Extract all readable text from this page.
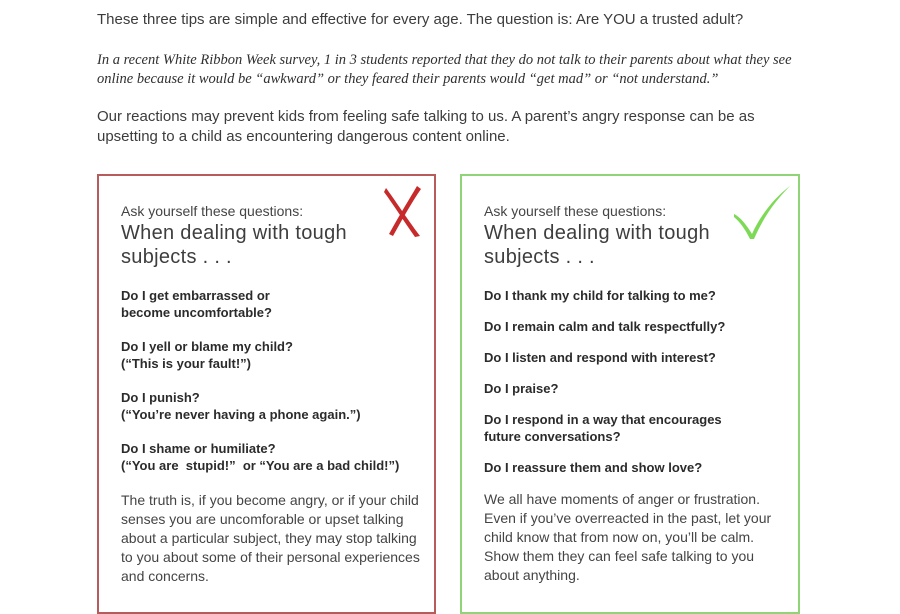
These three tips are simple and effective for every age. The question is: Are YOU a trusted adult?

In a recent White Ribbon Week survey, 1 in 3 students reported that they do not talk to their parents about what they see online because it would be “awkward” or they feared their parents would “get mad” or “not understand.”

Our reactions may prevent kids from feeling safe talking to us. A parent’s angry response can be as upsetting to a child as encountering dangerous content online.

Ask yourself these questions:

When dealing with tough subjects . . .

Do I get embarrassed or
become uncomfortable?
Do I yell or blame my child?
(“This is your fault!”)
Do I punish?
(“You’re never having a phone again.”)
Do I shame or humiliate?
(“You are  stupid!”  or “You are a bad child!”)

The truth is, if you become angry, or if your child senses you are uncomforable or upset talking about a particular subject, they may stop talking to you about some of their personal experiences and concerns.

Ask yourself these questions:

When dealing with tough subjects . . .

Do I thank my child for talking to me?
Do I remain calm and talk respectfully?
Do I listen and respond with interest?
Do I praise?
Do I respond in a way that encourages
future conversations?
Do I reassure them and show love?

We all have moments of anger or frustration. Even if you’ve overreacted in the past, let your child know that from now on, you’ll be calm. Show them they can feel safe talking to you about anything.
